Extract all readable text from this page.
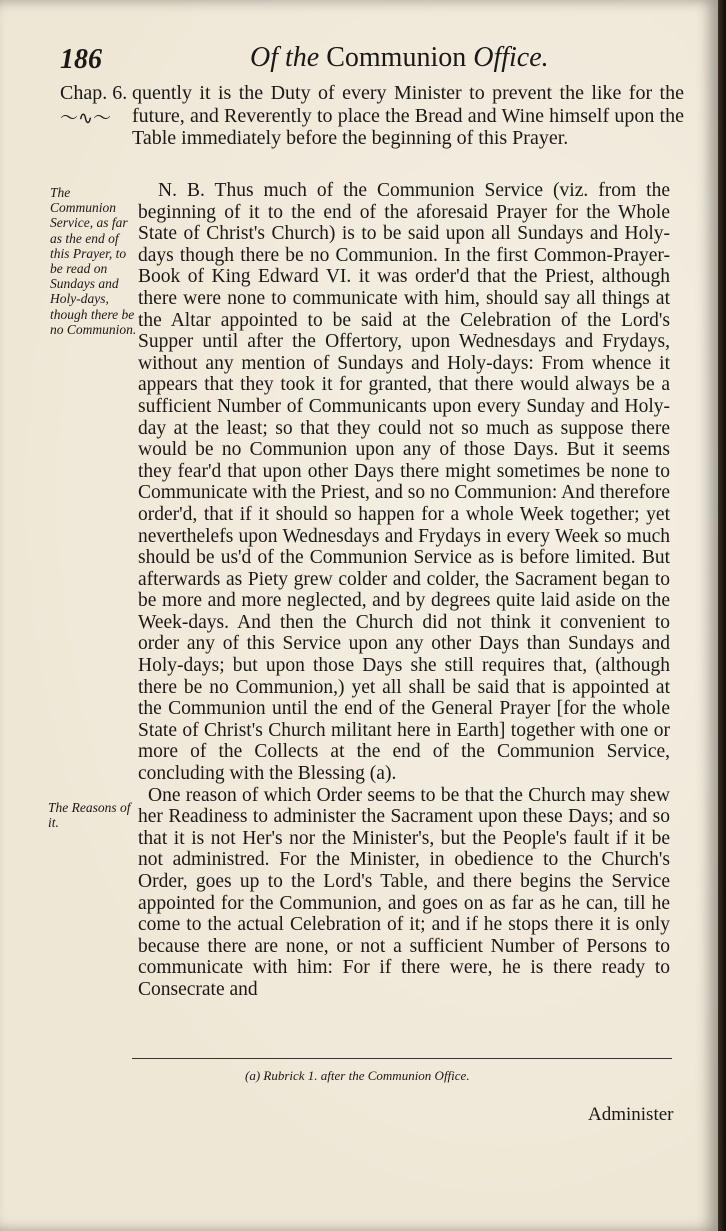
186	Of the Communion Office.
Chap. 6.
〜∿〜

quently it is the Duty of every Minister to prevent the like for the future, and Reverently to place the Bread and Wine himself upon the Table immediately before the beginning of this Prayer.

The Communion Service, as far as the end of this Prayer, to be read on Sundays and Holy-days, though there be no Communion.

N. B. Thus much of the Communion Service (viz. from the beginning of it to the end of the aforesaid Prayer for the Whole State of Christ's Church) is to be said upon all Sundays and Holy-days though there be no Communion. In the first Common-Prayer-Book of King Edward VI. it was order'd that the Priest, although there were none to communicate with him, should say all things at the Altar appointed to be said at the Celebration of the Lord's Supper until after the Offertory, upon Wednesdays and Frydays, without any mention of Sundays and Holy-days: From whence it appears that they took it for granted, that there would always be a sufficient Number of Communicants upon every Sunday and Holy-day at the least; so that they could not so much as suppose there would be no Communion upon any of those Days. But it seems they fear'd that upon other Days there might sometimes be none to Communicate with the Priest, and so no Communion: And therefore order'd, that if it should so happen for a whole Week together; yet neverthelefs upon Wednesdays and Frydays in every Week so much should be us'd of the Communion Service as is before limited. But afterwards as Piety grew colder and colder, the Sacrament began to be more and more neglected, and by degrees quite laid aside on the Week-days. And then the Church did not think it convenient to order any of this Service upon any other Days than Sundays and Holy-days; but upon those Days she still requires that, (although there be no Communion,) yet all shall be said that is appointed at the Communion until the end of the General Prayer [for the whole State of Christ's Church militant here in Earth] together with one or more of the Collects at the end of the Communion Service, concluding with the Blessing (a).

One reason of which Order seems to be that the Church may shew her Readiness to administer the Sacrament upon these Days; and so that it is not Her's nor the Minister's, but the People's fault if it be not administred. For the Minister, in obedience to the Church's Order, goes up to the Lord's Table, and there begins the Service appointed for the Communion, and goes on as far as he can, till he come to the actual Celebration of it; and if he stops there it is only because there are none, or not a sufficient Number of Persons to communicate with him: For if there were, he is there ready to Consecrate and

The Reasons of it.
(a) Rubrick 1. after the Communion Office.
Administer
